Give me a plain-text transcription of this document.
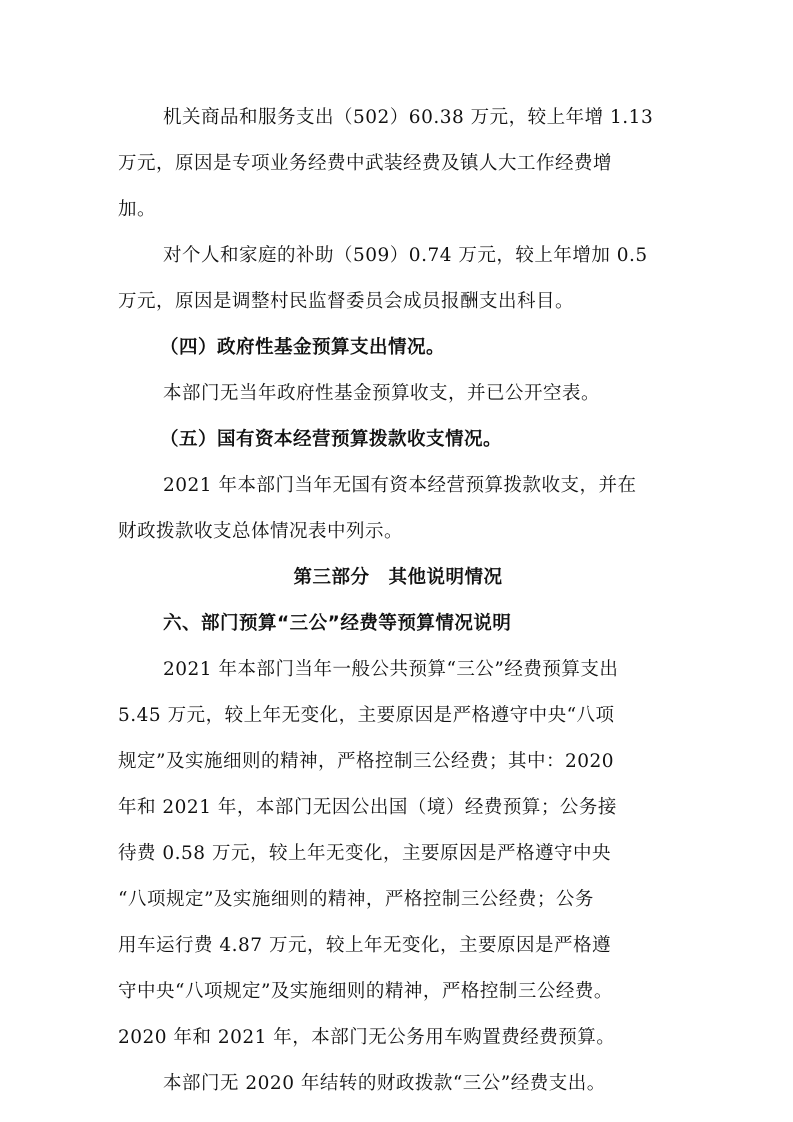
机关商品和服务支出（502）60.38 万元，较上年增 1.13
万元，原因是专项业务经费中武装经费及镇人大工作经费增
加。
对个人和家庭的补助（509）0.74 万元，较上年增加 0.5
万元，原因是调整村民监督委员会成员报酬支出科目。
（四）政府性基金预算支出情况。
本部门无当年政府性基金预算收支，并已公开空表。
（五）国有资本经营预算拨款收支情况。
2021 年本部门当年无国有资本经营预算拨款收支，并在
财政拨款收支总体情况表中列示。
第三部分　其他说明情况
六、部门预算“三公”经费等预算情况说明
2021 年本部门当年一般公共预算“三公”经费预算支出
5.45 万元，较上年无变化，主要原因是严格遵守中央“八项
规定”及实施细则的精神，严格控制三公经费；其中：2020
年和 2021 年，本部门无因公出国（境）经费预算；公务接
待费 0.58 万元，较上年无变化，主要原因是严格遵守中央
“八项规定”及实施细则的精神，严格控制三公经费；公务
用车运行费 4.87 万元，较上年无变化，主要原因是严格遵
守中央“八项规定”及实施细则的精神，严格控制三公经费。
2020 年和 2021 年，本部门无公务用车购置费经费预算。
本部门无 2020 年结转的财政拨款“三公”经费支出。
